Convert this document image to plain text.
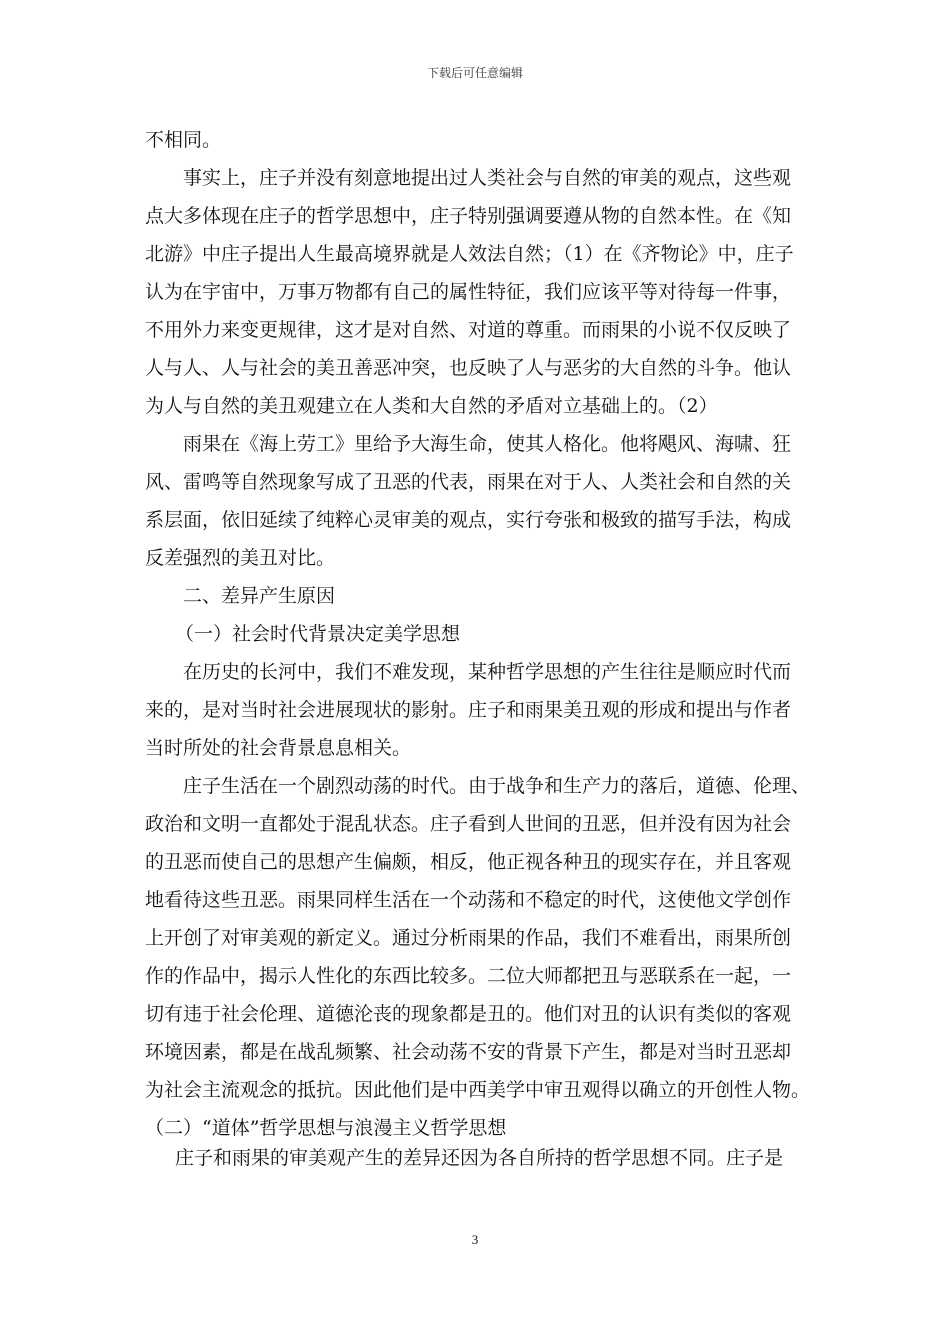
下载后可任意编辑

不相同。

事实上，庄子并没有刻意地提出过人类社会与自然的审美的观点，这些观

点大多体现在庄子的哲学思想中，庄子特别强调要遵从物的自然本性。在《知

北游》中庄子提出人生最高境界就是人效法自然；（1）在《齐物论》中，庄子

认为在宇宙中，万事万物都有自己的属性特征，我们应该平等对待每一件事，

不用外力来变更规律，这才是对自然、对道的尊重。而雨果的小说不仅反映了

人与人、人与社会的美丑善恶冲突，也反映了人与恶劣的大自然的斗争。他认

为人与自然的美丑观建立在人类和大自然的矛盾对立基础上的。（2）

雨果在《海上劳工》里给予大海生命，使其人格化。他将飓风、海啸、狂

风、雷鸣等自然现象写成了丑恶的代表，雨果在对于人、人类社会和自然的关

系层面，依旧延续了纯粹心灵审美的观点，实行夸张和极致的描写手法，构成

反差强烈的美丑对比。

二、差异产生原因

（一）社会时代背景决定美学思想

在历史的长河中，我们不难发现，某种哲学思想的产生往往是顺应时代而

来的，是对当时社会进展现状的影射。庄子和雨果美丑观的形成和提出与作者

当时所处的社会背景息息相关。

庄子生活在一个剧烈动荡的时代。由于战争和生产力的落后，道德、伦理、

政治和文明一直都处于混乱状态。庄子看到人世间的丑恶，但并没有因为社会

的丑恶而使自己的思想产生偏颇，相反，他正视各种丑的现实存在，并且客观

地看待这些丑恶。雨果同样生活在一个动荡和不稳定的时代，这使他文学创作

上开创了对审美观的新定义。通过分析雨果的作品，我们不难看出，雨果所创

作的作品中，揭示人性化的东西比较多。二位大师都把丑与恶联系在一起，一

切有违于社会伦理、道德沦丧的现象都是丑的。他们对丑的认识有类似的客观

环境因素，都是在战乱频繁、社会动荡不安的背景下产生，都是对当时丑恶却

为社会主流观念的抵抗。因此他们是中西美学中审丑观得以确立的开创性人物。

（二）“道体”哲学思想与浪漫主义哲学思想

庄子和雨果的审美观产生的差异还因为各自所持的哲学思想不同。庄子是

3
